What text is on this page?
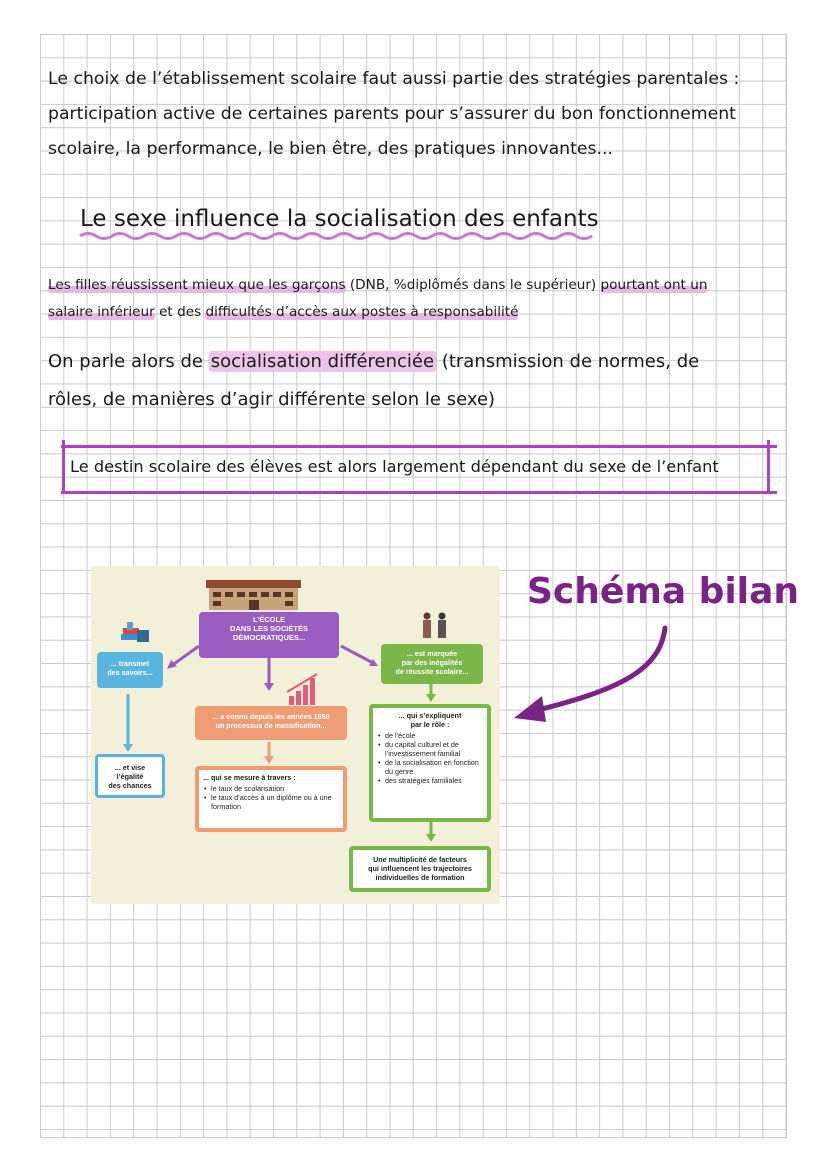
Le choix de l’établissement scolaire faut aussi partie des stratégies parentales :
participation active de certaines parents pour s’assurer du bon fonctionnement
scolaire, la performance, le bien être, des pratiques innovantes...
Le sexe influence la socialisation des enfants
Les filles réussissent mieux que les garçons (DNB, %diplômés dans le supérieur) pourtant ont un
salaire inférieur et des difficultés d’accès aux postes à responsabilité
On parle alors de socialisation différenciée (transmission de normes, de
rôles, de manières d’agir différente selon le sexe)
Le destin scolaire des élèves est alors largement dépendant du sexe de l’enfant
L’ÉCOLE
DANS LES SOCIÉTÉS
DÉMOCRATIQUES...
... transmet
des savoirs...
... et vise
l’égalité
des chances
... a connu depuis les années 1950
un processus de massification...
... qui se mesure à travers :
• le taux de scolarisation
• le taux d’accès à un diplôme ou à une formation
... est marquée
par des inégalités
de réussite scolaire...
... qui s’expliquent
par le rôle :
• de l’école
• du capital culturel et de l’investissement familial
• de la socialisation en fonction du genre
• des stratégies familiales
Une multiplicité de facteurs
qui influencent les trajectoires
individuelles de formation
Schéma bilan
